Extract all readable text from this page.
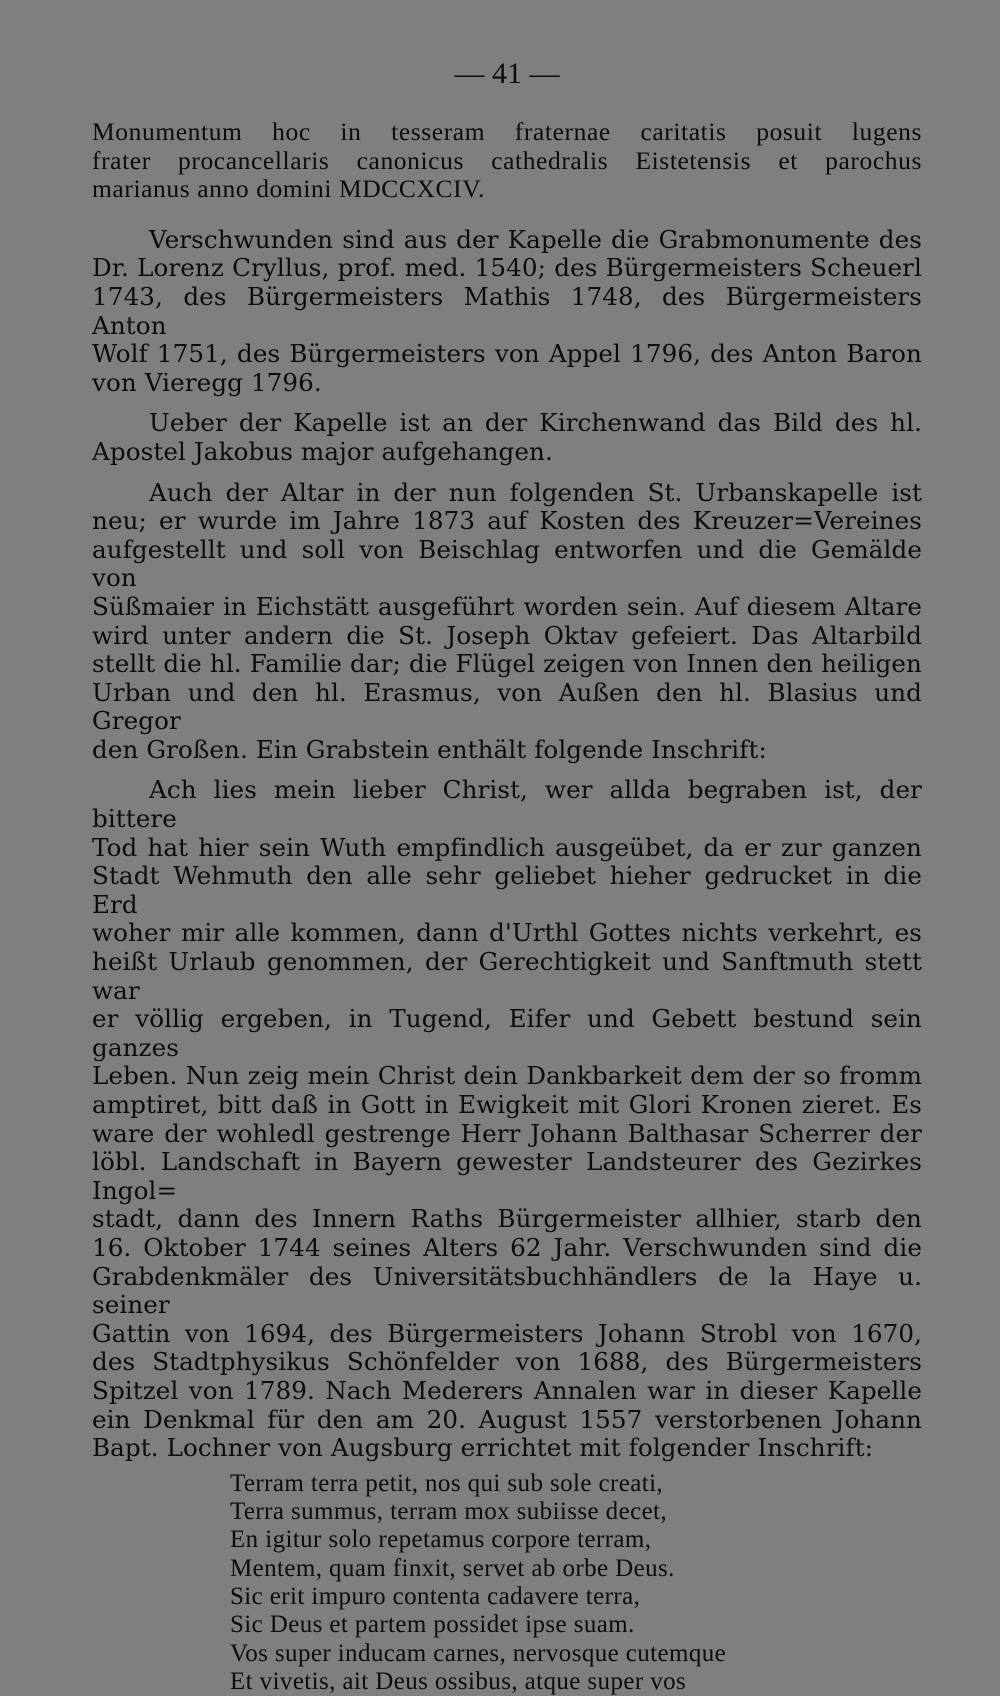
— 41 —
Monumentum hoc in tesseram fraternae caritatis posuit lugens
frater procancellaris canonicus cathedralis Eistetensis et parochus
marianus anno domini MDCCXCIV.
Verschwunden sind aus der Kapelle die Grabmonumente des
Dr. Lorenz Cryllus, prof. med. 1540; des Bürgermeisters Scheuerl
1743, des Bürgermeisters Mathis 1748, des Bürgermeisters Anton
Wolf 1751, des Bürgermeisters von Appel 1796, des Anton Baron
von Vieregg 1796.
Ueber der Kapelle ist an der Kirchenwand das Bild des hl.
Apostel Jakobus major aufgehangen.
Auch der Altar in der nun folgenden St. Urbanskapelle ist
neu; er wurde im Jahre 1873 auf Kosten des Kreuzer=Vereines
aufgestellt und soll von Beischlag entworfen und die Gemälde von
Süßmaier in Eichstätt ausgeführt worden sein. Auf diesem Altare
wird unter andern die St. Joseph Oktav gefeiert. Das Altarbild
stellt die hl. Familie dar; die Flügel zeigen von Innen den heiligen
Urban und den hl. Erasmus, von Außen den hl. Blasius und Gregor
den Großen. Ein Grabstein enthält folgende Inschrift:
Ach lies mein lieber Christ, wer allda begraben ist, der bittere
Tod hat hier sein Wuth empfindlich ausgeübet, da er zur ganzen
Stadt Wehmuth den alle sehr geliebet hieher gedrucket in die Erd
woher mir alle kommen, dann d'Urthl Gottes nichts verkehrt, es
heißt Urlaub genommen, der Gerechtigkeit und Sanftmuth stett war
er völlig ergeben, in Tugend, Eifer und Gebett bestund sein ganzes
Leben. Nun zeig mein Christ dein Dankbarkeit dem der so fromm
amptiret, bitt daß in Gott in Ewigkeit mit Glori Kronen zieret. Es
ware der wohledl gestrenge Herr Johann Balthasar Scherrer der
löbl. Landschaft in Bayern gewester Landsteurer des Gezirkes Ingol=
stadt, dann des Innern Raths Bürgermeister allhier, starb den
16. Oktober 1744 seines Alters 62 Jahr. Verschwunden sind die
Grabdenkmäler des Universitätsbuchhändlers de la Haye u. seiner
Gattin von 1694, des Bürgermeisters Johann Strobl von 1670,
des Stadtphysikus Schönfelder von 1688, des Bürgermeisters
Spitzel von 1789. Nach Mederers Annalen war in dieser Kapelle
ein Denkmal für den am 20. August 1557 verstorbenen Johann
Bapt. Lochner von Augsburg errichtet mit folgender Inschrift:
Terram terra petit, nos qui sub sole creati,
Terra summus, terram mox subiisse decet,
En igitur solo repetamus corpore terram,
Mentem, quam finxit, servet ab orbe Deus.
Sic erit impuro contenta cadavere terra,
Sic Deus et partem possidet ipse suam.
Vos super inducam carnes, nervosque cutemque
Et vivetis, ait Deus ossibus, atque super vos
